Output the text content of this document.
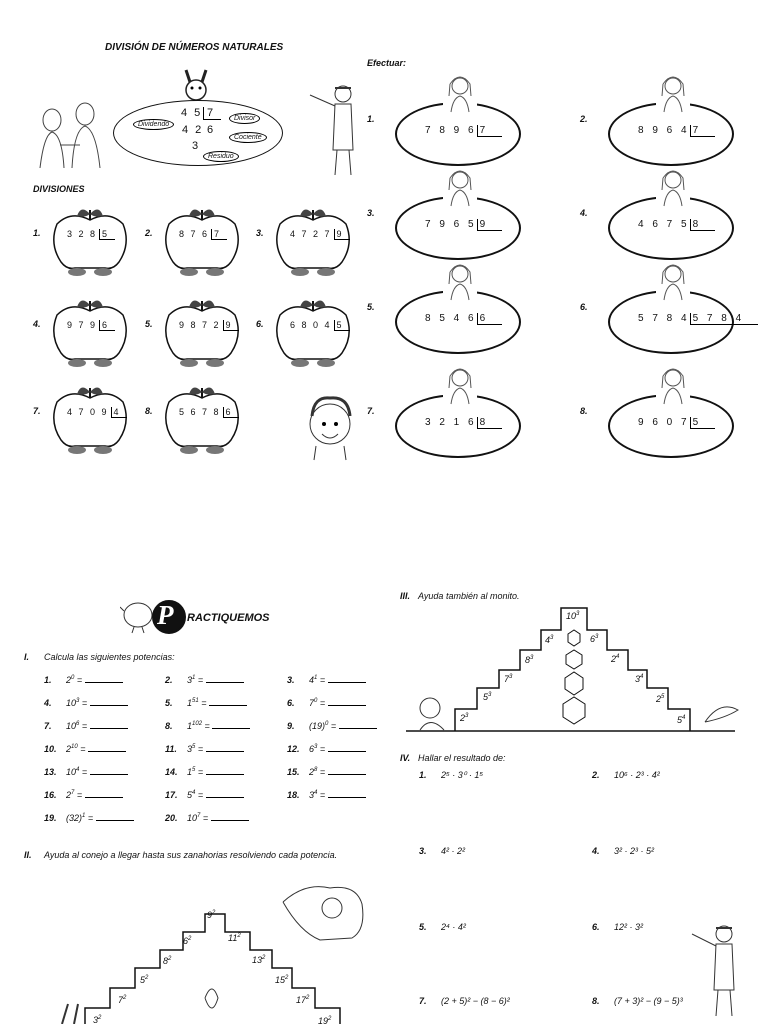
DIVISIÓN DE NÚMEROS NATURALES
Efectuar:
DIVISIONES
4 5 7
4 2 6
3
Dividendo
Divisor
Cociente
Residuo
1.	3 2 8 5	2.	8 7 6 7	3.	4 7 2 7 9
4.	9 7 9 6	5.	9 8 7 2 9	6.	6 8 0 4 5
7.	4 7 0 9 4	8.	5 6 7 8 6
1.
7 8 9 6 7
2.
8 9 6 4 7
3.
7 9 6 5 9
4.
4 6 7 5 8
5.
8 5 4 6 6
6.
5 7 8 4 5 7 8 4
7.
3 2 1 6 8
8.
9 6 0 7 5
P RACTIQUEMOS
I. Calcula las siguientes potencias:
1. $2^0$ =	2. $3^1$ =	3. $4^1$ =
4. $10^3$ =	5. $1^{51}$ =	6. $7^0$ =
7. $10^6$ =	8. $1^{102}$ =	9. $(19)^0$ =
10. $2^{10}$ =	11. $3^5$ =	12. $6^3$ =
13. $10^4$ =	14. $1^5$ =	15. $2^8$ =
16. $2^7$ =	17. $5^4$ =	18. $3^4$ =
19. $(32)^1$ =	20. $10^7$ =
II. Ayuda al conejo a llegar hasta sus zanahorias resolviendo cada potencia.
$3^2$
$7^2$
$5^2$
$8^2$
$6^2$
$9^2$
$11^2$
$13^2$
$15^2$
$17^2$
$19^2$
III. Ayuda también al monito.
$2^3$
$5^3$
$7^3$
$8^3$
$4^3$
$10^3$
$6^3$
$2^4$
$3^4$
$2^5$
$5^4$
IV. Hallar el resultado de:
1. 2⁵ · 3⁰ · 1⁵	2. 10⁶ · 2³ · 4²
3. 4² · 2²	4. 3² · 2³ · 5²
5. 2⁴ · 4²	6. 12² · 3²
7. (2 + 5)² − (8 − 6)²	8. (7 + 3)² − (9 − 5)³
